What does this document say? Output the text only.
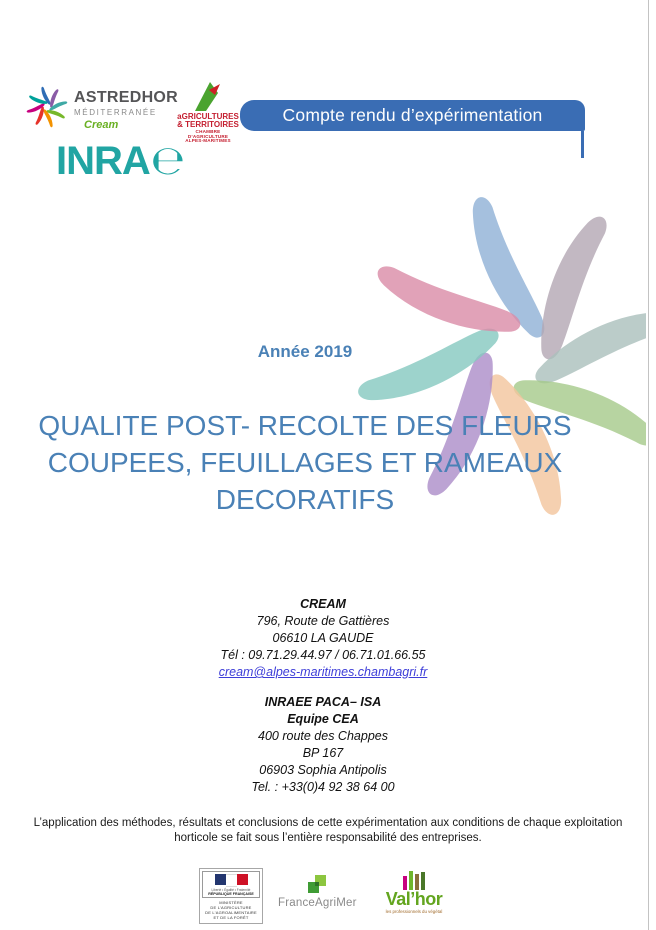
ASTREDHOR
MÉDITERRANÉE
Cream
aGRICULTURES
& TERRITOIRES
CHAMBRE D’AGRICULTURE
ALPES-MARITIMES
Compte rendu d’expérimentation
INRA℮
Année 2019
QUALITE POST- RECOLTE DES FLEURS
COUPEES, FEUILLAGES ET RAMEAUX
DECORATIFS
CREAM
796, Route de Gattières
06610 LA GAUDE
Tél : 09.71.29.44.97 / 06.71.01.66.55
cream@alpes-maritimes.chambagri.fr
INRAEE PACA– ISA
Equipe CEA
400 route des Chappes
BP 167
06903 Sophia Antipolis
Tel. : +33(0)4 92 38 64 00
L’application des méthodes, résultats et conclusions de cette expérimentation aux conditions de chaque exploitation horticole se fait sous l’entière responsabilité des entreprises.
Liberté • Égalité • Fraternité
RÉPUBLIQUE FRANÇAISE
MINISTÈRE
DE L’AGRICULTURE
DE L’AGROALIMENTAIRE
ET DE LA FORÊT
FranceAgriMer	Val’hor
les professionnels du végétal
